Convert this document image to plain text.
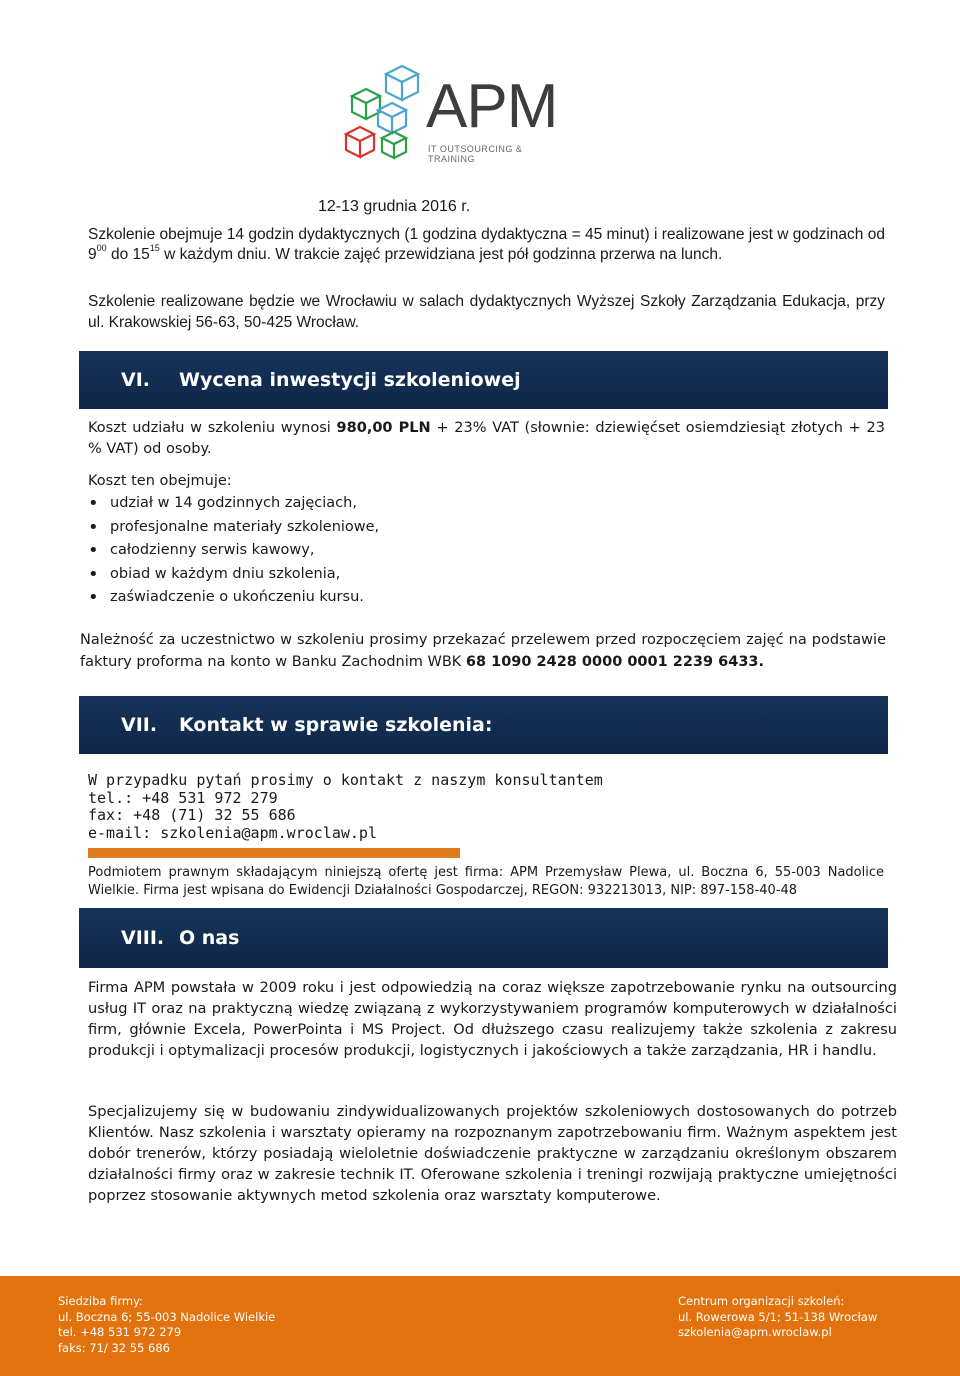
APM
IT OUTSOURCING & TRAINING
12-13 grudnia 2016 r.
Szkolenie obejmuje 14 godzin dydaktycznych (1 godzina dydaktyczna = 45 minut) i realizowane jest w godzinach od $9^{00}$ do $15^{15}$ w każdym dniu. W trakcie zajęć przewidziana jest pół godzinna przerwa na lunch.
Szkolenie realizowane będzie we Wrocławiu w salach dydaktycznych Wyższej Szkoły Zarządzania Edukacja, przy ul. Krakowskiej 56-63, 50-425 Wrocław.
VI.	Wycena inwestycji szkoleniowej
Koszt udziału w szkoleniu wynosi 980,00 PLN + 23% VAT (słownie: dziewięćset osiemdziesiąt złotych + 23 % VAT) od osoby.
Koszt ten obejmuje:
• udział w 14 godzinnych zajęciach,
• profesjonalne materiały szkoleniowe,
• całodzienny serwis kawowy,
• obiad w każdym dniu szkolenia,
• zaświadczenie o ukończeniu kursu.
Należność za uczestnictwo w szkoleniu prosimy przekazać przelewem przed rozpoczęciem zajęć na podstawie faktury proforma na konto w Banku Zachodnim WBK 68 1090 2428 0000 0001 2239 6433.
VII.	Kontakt w sprawie szkolenia:
W przypadku pytań prosimy o kontakt z naszym konsultantem
tel.: +48 531 972 279
fax: +48 (71) 32 55 686
e-mail: szkolenia@apm.wroclaw.pl
Podmiotem prawnym składającym niniejszą ofertę jest firma: APM Przemysław Plewa, ul. Boczna 6, 55-003 Nadolice Wielkie. Firma jest wpisana do Ewidencji Działalności Gospodarczej, REGON: 932213013, NIP: 897-158-40-48
VIII. O nas
Firma APM powstała w 2009 roku i jest odpowiedzią na coraz większe zapotrzebowanie rynku na outsourcing usług IT oraz na praktyczną wiedzę związaną z wykorzystywaniem programów komputerowych w działalności firm, głównie Excela, PowerPointa i MS Project. Od dłuższego czasu realizujemy także szkolenia z zakresu produkcji i optymalizacji procesów produkcji, logistycznych i jakościowych a także zarządzania, HR i handlu.
Specjalizujemy się w budowaniu zindywidualizowanych projektów szkoleniowych dostosowanych do potrzeb Klientów. Nasz szkolenia i warsztaty opieramy na rozpoznanym zapotrzebowaniu firm. Ważnym aspektem jest dobór trenerów, którzy posiadają wieloletnie doświadczenie praktyczne w zarządzaniu określonym obszarem działalności firmy oraz w zakresie technik IT. Oferowane szkolenia i treningi rozwijają praktyczne umiejętności poprzez stosowanie aktywnych metod szkolenia oraz warsztaty komputerowe.
Siedziba firmy:
ul. Boczna 6; 55-003 Nadolice Wielkie
tel. +48 531 972 279
faks: 71/ 32 55 686
Centrum organizacji szkoleń:
ul. Rowerowa 5/1; 51-138 Wrocław
szkolenia@apm.wroclaw.pl
